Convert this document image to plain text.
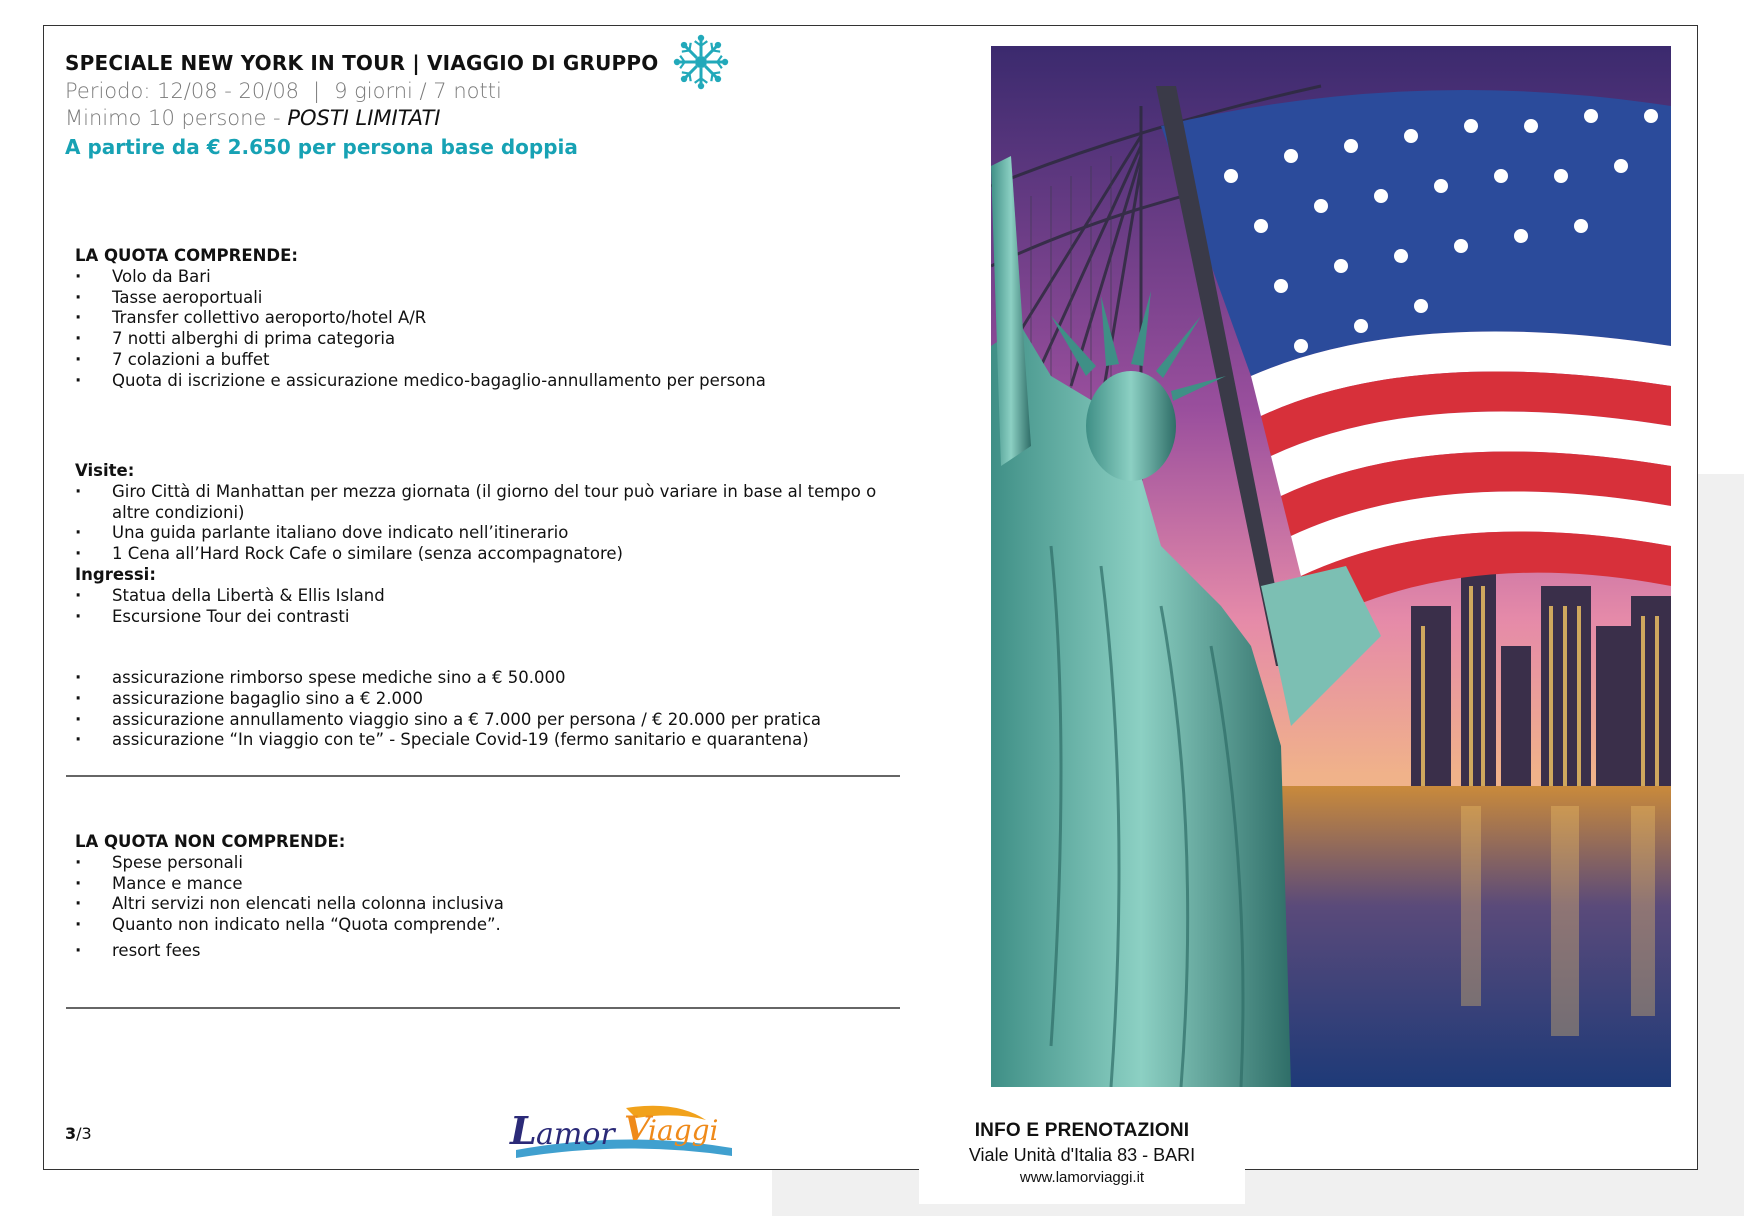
SPECIALE NEW YORK IN TOUR | VIAGGIO DI GRUPPO
Periodo: 12/08 - 20/08 | 9 giorni / 7 notti
Minimo 10 persone - POSTI LIMITATI
A partire da € 2.650 per persona base doppia
LA QUOTA COMPRENDE:
· Volo da Bari
· Tasse aeroportuali
· Transfer collettivo aeroporto/hotel A/R
· 7 notti alberghi di prima categoria
· 7 colazioni a buffet
· Quota di iscrizione e assicurazione medico-bagaglio-annullamento per persona
Visite:
· Giro Città di Manhattan per mezza giornata (il giorno del tour può variare in base al tempo o altre condizioni)
· Una guida parlante italiano dove indicato nell’itinerario
· 1 Cena all’Hard Rock Cafe o similare (senza accompagnatore)
Ingressi:
· Statua della Libertà & Ellis Island
· Escursione Tour dei contrasti
· assicurazione rimborso spese mediche sino a € 50.000
· assicurazione bagaglio sino a € 2.000
· assicurazione annullamento viaggio sino a € 7.000 per persona / € 20.000 per pratica
· assicurazione “In viaggio con te” - Speciale Covid-19 (fermo sanitario e quarantena)
LA QUOTA NON COMPRENDE:
· Spese personali
· Mance e mance
· Altri servizi non elencati nella colonna inclusiva
· Quanto non indicato nella “Quota comprende”.
· resort fees
3/3	L amor V
iaggi	INFO E PRENOTAZIONI
Viale Unità d'Italia 83 - BARI
www.lamorviaggi.it
